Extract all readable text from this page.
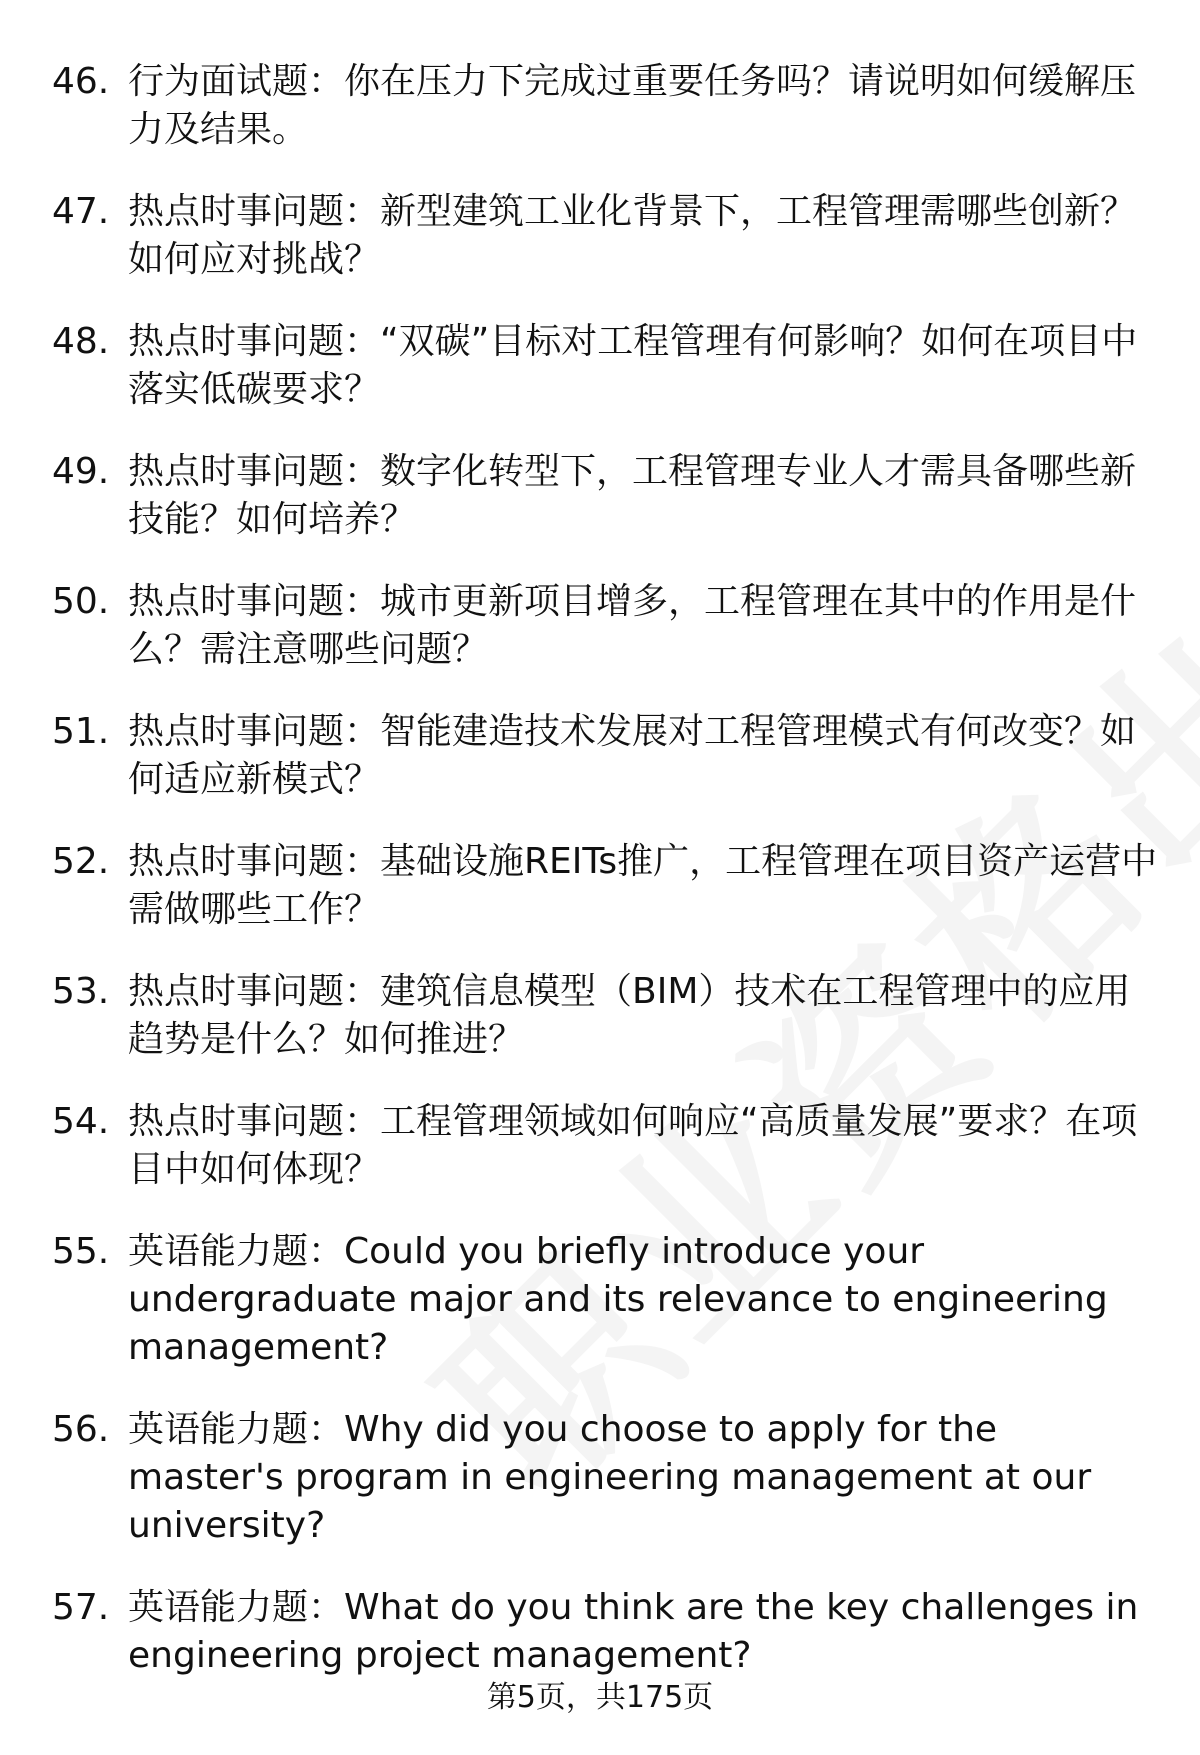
46. 行为面试题：你在压力下完成过重要任务吗？请说明如何缓解压力及结果。
47. 热点时事问题：新型建筑工业化背景下，工程管理需哪些创新？如何应对挑战？
48. 热点时事问题：“双碳”目标对工程管理有何影响？如何在项目中落实低碳要求？
49. 热点时事问题：数字化转型下，工程管理专业人才需具备哪些新技能？如何培养？
50. 热点时事问题：城市更新项目增多，工程管理在其中的作用是什么？需注意哪些问题？
51. 热点时事问题：智能建造技术发展对工程管理模式有何改变？如何适应新模式？
52. 热点时事问题：基础设施REITs推广，工程管理在项目资产运营中需做哪些工作？
53. 热点时事问题：建筑信息模型（BIM）技术在工程管理中的应用趋势是什么？如何推进？
54. 热点时事问题：工程管理领域如何响应“高质量发展”要求？在项目中如何体现？
55. 英语能力题：Could you briefly introduce your undergraduate major and its relevance to engineering management?
56. 英语能力题：Why did you choose to apply for the master's program in engineering management at our university?
57. 英语能力题：What do you think are the key challenges in engineering project management?
第5页，共175页
